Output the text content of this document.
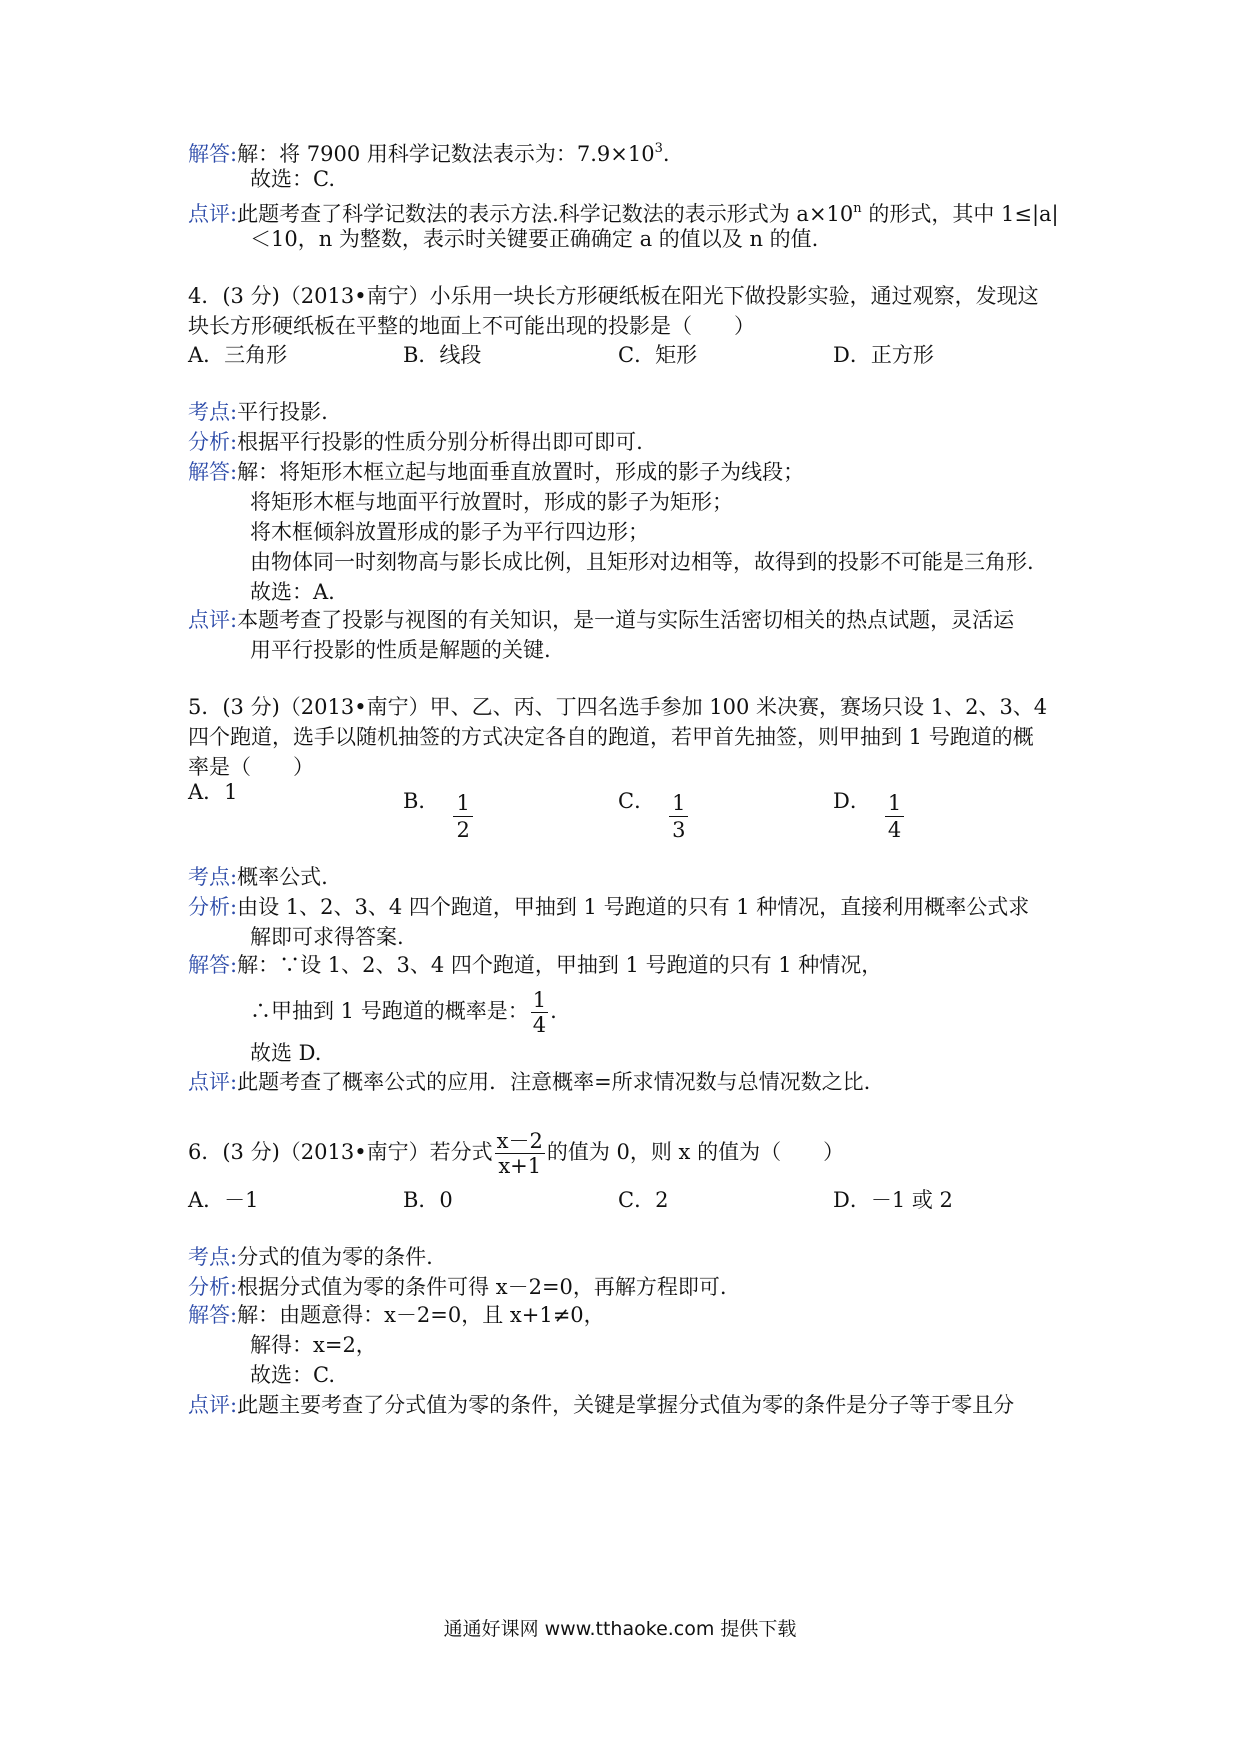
解答:解：将 7900 用科学记数法表示为：$7.9\times 10^3$.
故选：C.
点评:此题考查了科学记数法的表示方法.科学记数法的表示形式为 $a\times 10^n$ 的形式，其中 1≤|a|
＜10，n 为整数，表示时关键要正确确定 a 的值以及 n 的值.
4．(3 分)（2013•南宁）小乐用一块长方形硬纸板在阳光下做投影实验，通过观察，发现这
块长方形硬纸板在平整的地面上不可能出现的投影是（　　）
A．三角形	B．线段	C．矩形	D．正方形
考点:平行投影.
分析:根据平行投影的性质分别分析得出即可即可.
解答:解：将矩形木框立起与地面垂直放置时，形成的影子为线段；
将矩形木框与地面平行放置时，形成的影子为矩形；
将木框倾斜放置形成的影子为平行四边形；
由物体同一时刻物高与影长成比例，且矩形对边相等，故得到的投影不可能是三角形.
故选：A.
点评:本题考查了投影与视图的有关知识，是一道与实际生活密切相关的热点试题，灵活运
用平行投影的性质是解题的关键.
5．(3 分)（2013•南宁）甲、乙、丙、丁四名选手参加 100 米决赛，赛场只设 1、2、3、4
四个跑道，选手以随机抽签的方式决定各自的跑道，若甲首先抽签，则甲抽到 1 号跑道的概
率是（　　）
A．1	B． $\frac{1}{2}$	C． $\frac{1}{3}$	D． $\frac{1}{4}$
考点:概率公式.
分析:由设 1、2、3、4 四个跑道，甲抽到 1 号跑道的只有 1 种情况，直接利用概率公式求
解即可求得答案.
解答:解：∵设 1、2、3、4 四个跑道，甲抽到 1 号跑道的只有 1 种情况，
∴甲抽到 1 号跑道的概率是： $\frac{1}{4}$ .
故选 D.
点评:此题考查了概率公式的应用．注意概率=所求情况数与总情况数之比.
6．(3 分)（2013•南宁）若分式 $\frac{x-2}{x+1}$ 的值为 0，则 x 的值为（　　）
A．－1	B．0	C．2	D．－1 或 2
考点:分式的值为零的条件.
分析:根据分式值为零的条件可得 x－2=0，再解方程即可.
解答:解：由题意得：x－2=0，且 x+1≠0，
解得：x=2，
故选：C.
点评:此题主要考查了分式值为零的条件，关键是掌握分式值为零的条件是分子等于零且分
通通好课网 www.tthaoke.com 提供下载
